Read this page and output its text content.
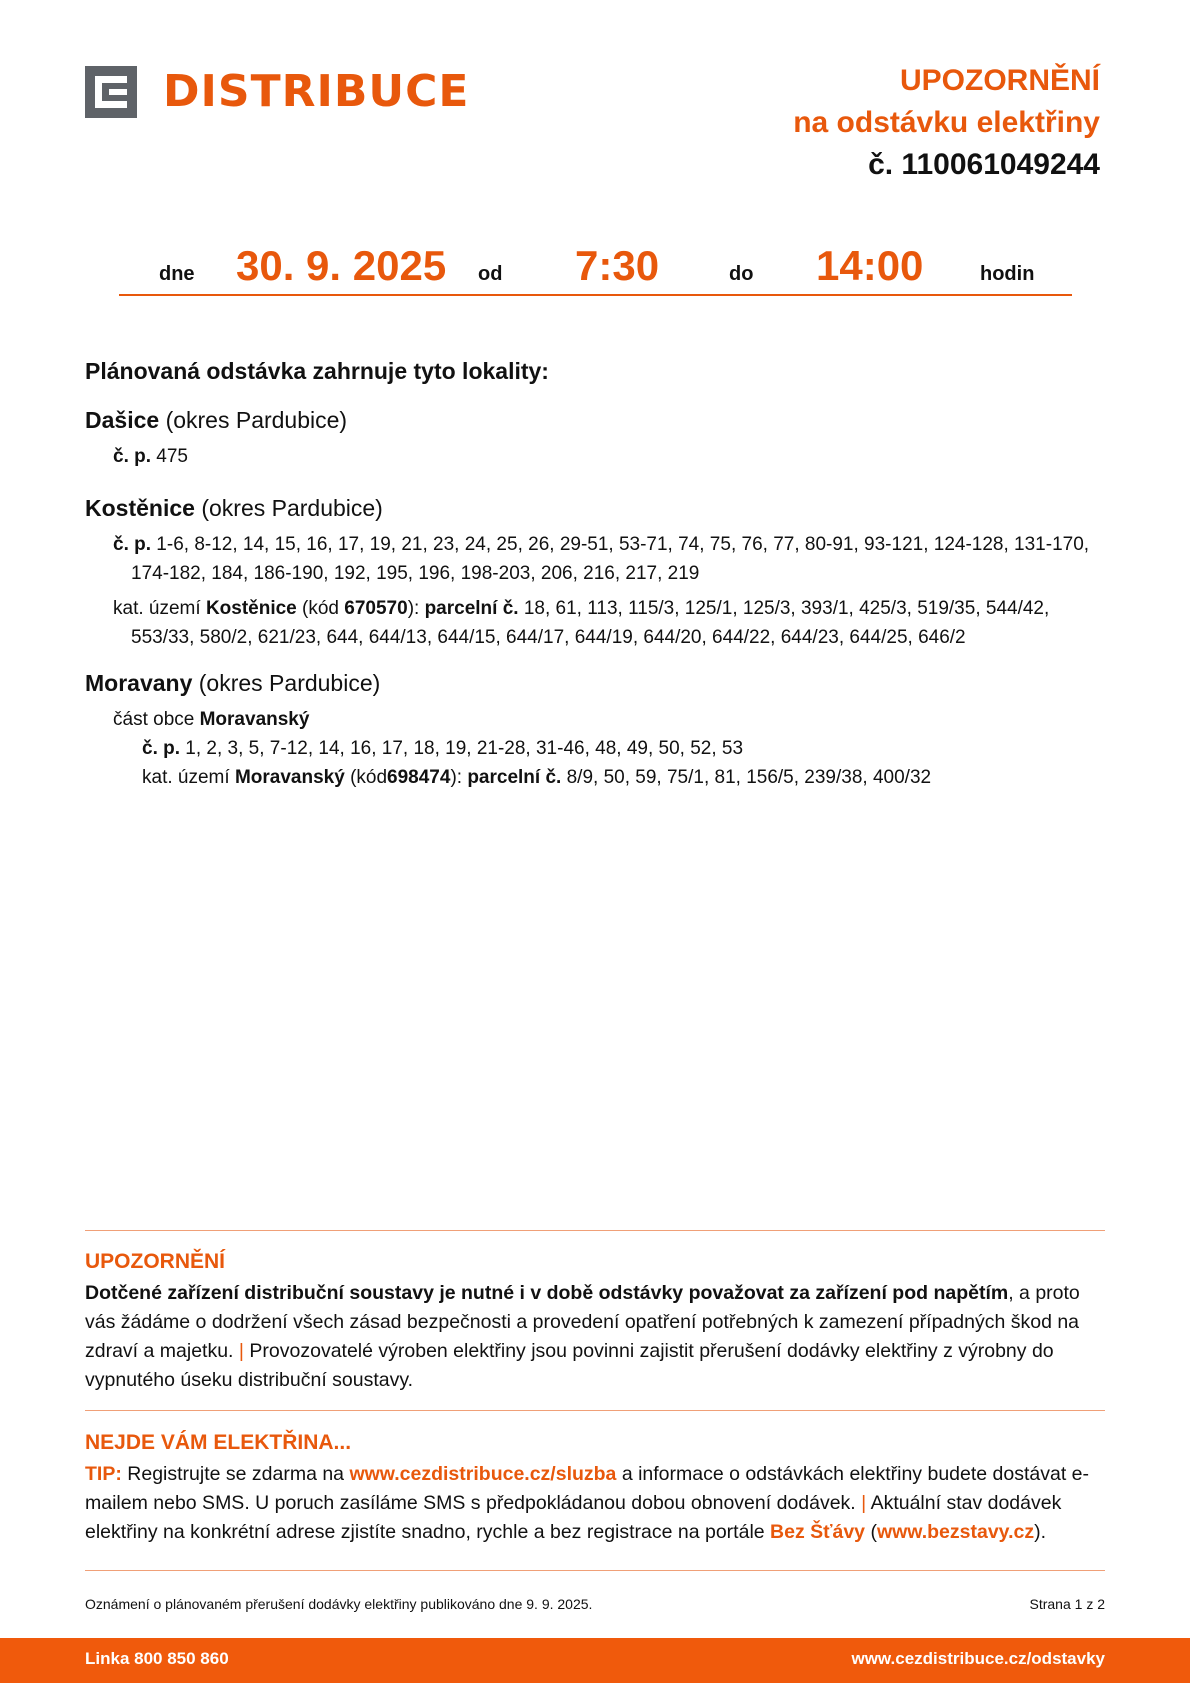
DISTRIBUCE	UPOZORNĚNÍ
na odstávku elektřiny
č. 110061049244
dne 30. 9. 2025 od 7:30	do 14:00	hodin
Plánovaná odstávka zahrnuje tyto lokality:
Dašice (okres Pardubice)
č. p. 475
Kostěnice (okres Pardubice)
č. p. 1-6, 8-12, 14, 15, 16, 17, 19, 21, 23, 24, 25, 26, 29-51, 53-71, 74, 75, 76, 77, 80-91, 93-121, 124-128, 131-170, 174-182, 184, 186-190, 192, 195, 196, 198-203, 206, 216, 217, 219
kat. území Kostěnice (kód 670570): parcelní č. 18, 61, 113, 115/3, 125/1, 125/3, 393/1, 425/3, 519/35, 544/42, 553/33, 580/2, 621/23, 644, 644/13, 644/15, 644/17, 644/19, 644/20, 644/22, 644/23, 644/25, 646/2
Moravany (okres Pardubice)
část obce Moravanský
č. p. 1, 2, 3, 5, 7-12, 14, 16, 17, 18, 19, 21-28, 31-46, 48, 49, 50, 52, 53
kat. území Moravanský (kód698474): parcelní č. 8/9, 50, 59, 75/1, 81, 156/5, 239/38, 400/32
UPOZORNĚNÍ
Dotčené zařízení distribuční soustavy je nutné i v době odstávky považovat za zařízení pod napětím, a proto vás žádáme o dodržení všech zásad bezpečnosti a provedení opatření potřebných k zamezení případných škod na zdraví a majetku. | Provozovatelé výroben elektřiny jsou povinni zajistit přerušení dodávky elektřiny z výrobny do vypnutého úseku distribuční soustavy.
NEJDE VÁM ELEKTŘINA...
TIP: Registrujte se zdarma na www.cezdistribuce.cz/sluzba a informace o odstávkách elektřiny budete dostávat e-mailem nebo SMS. U poruch zasíláme SMS s předpokládanou dobou obnovení dodávek. | Aktuální stav dodávek elektřiny na konkrétní adrese zjistíte snadno, rychle a bez registrace na portále Bez Šťávy (www.bezstavy.cz).
Oznámení o plánovaném přerušení dodávky elektřiny publikováno dne 9. 9. 2025.	Strana 1 z 2
Linka 800 850 860	www.cezdistribuce.cz/odstavky
